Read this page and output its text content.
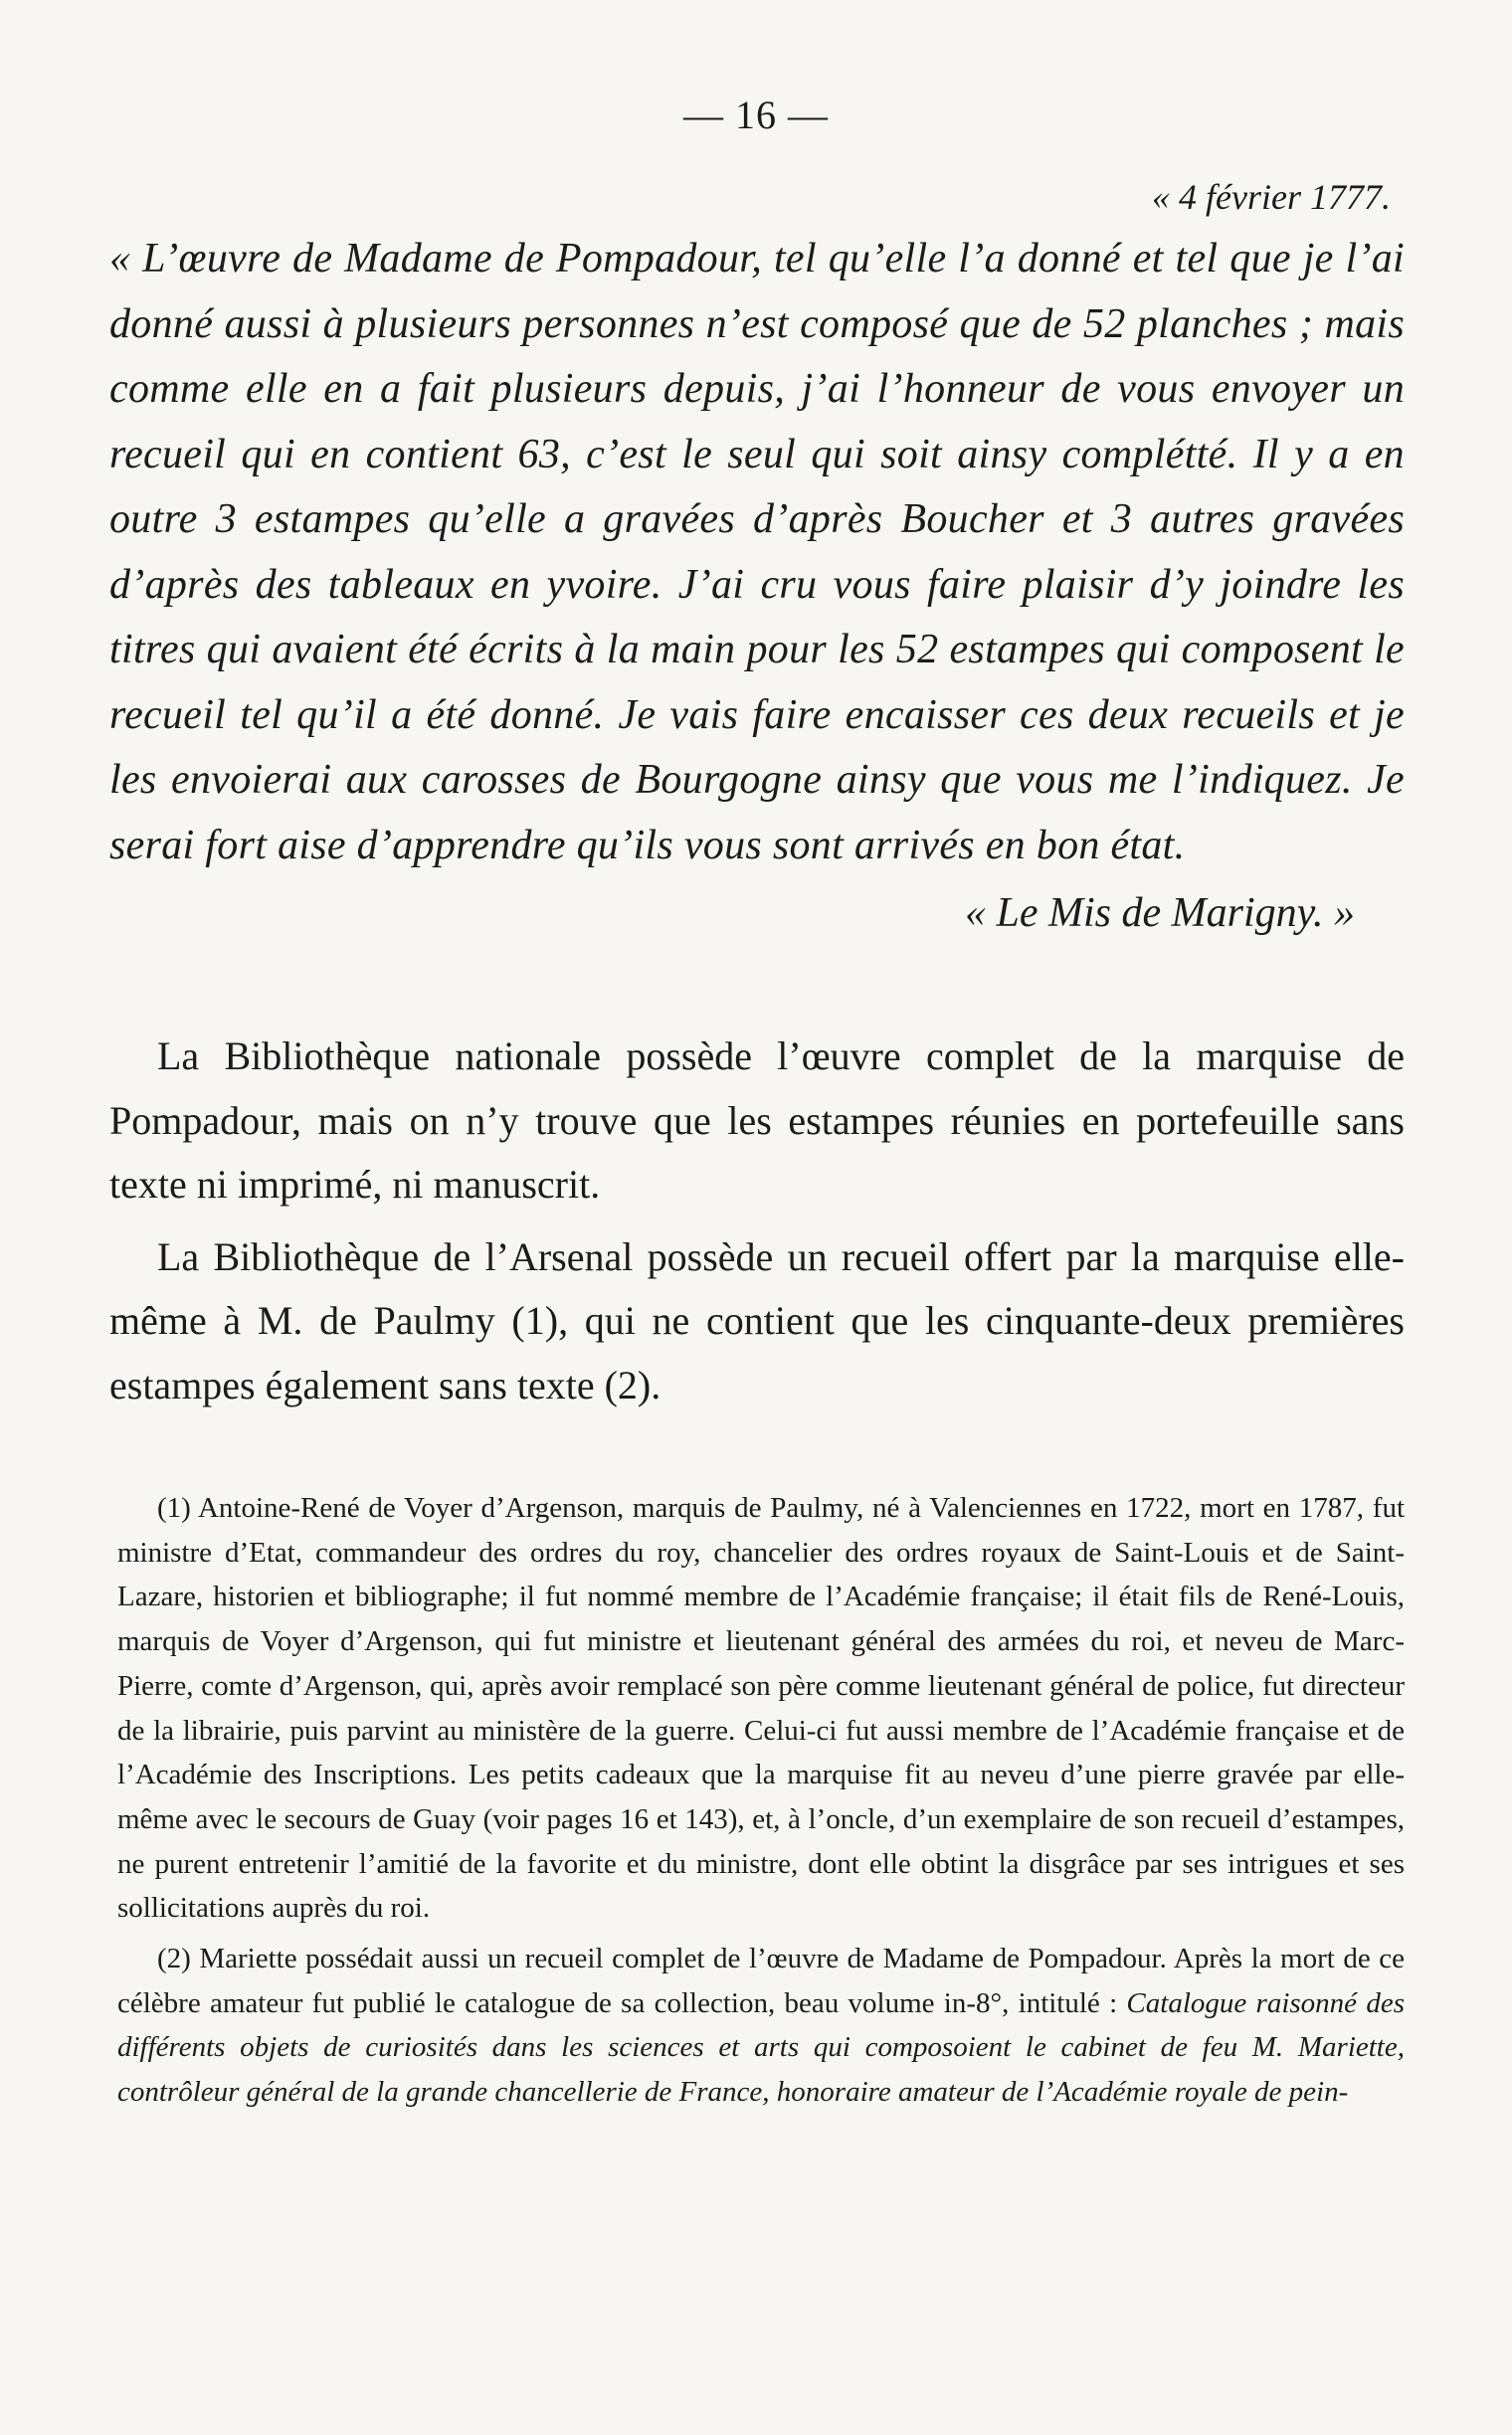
— 16 —
« 4 février 1777.

« L’œuvre de Madame de Pompadour, tel qu’elle l’a donné et tel que je l’ai donné aussi à plusieurs personnes n’est composé que de 52 planches ; mais comme elle en a fait plusieurs depuis, j’ai l’honneur de vous envoyer un recueil qui en contient 63, c’est le seul qui soit ainsy complétté. Il y a en outre 3 estampes qu’elle a gravées d’après Boucher et 3 autres gravées d’après des tableaux en yvoire. J’ai cru vous faire plaisir d’y joindre les titres qui avaient été écrits à la main pour les 52 estampes qui composent le recueil tel qu’il a été donné. Je vais faire encaisser ces deux recueils et je les envoierai aux carosses de Bourgogne ainsy que vous me l’indiquez. Je serai fort aise d’apprendre qu’ils vous sont arrivés en bon état.

« Le Mis de Marigny. »

La Bibliothèque nationale possède l’œuvre complet de la marquise de Pompadour, mais on n’y trouve que les estampes réunies en portefeuille sans texte ni imprimé, ni manuscrit.

La Bibliothèque de l’Arsenal possède un recueil offert par la marquise elle-même à M. de Paulmy (1), qui ne contient que les cinquante-deux premières estampes également sans texte (2).

(1) Antoine-René de Voyer d’Argenson, marquis de Paulmy, né à Valenciennes en 1722, mort en 1787, fut ministre d’Etat, commandeur des ordres du roy, chancelier des ordres royaux de Saint-Louis et de Saint-Lazare, historien et bibliographe; il fut nommé membre de l’Académie française; il était fils de René-Louis, marquis de Voyer d’Argenson, qui fut ministre et lieutenant général des armées du roi, et neveu de Marc-Pierre, comte d’Argenson, qui, après avoir remplacé son père comme lieutenant général de police, fut directeur de la librairie, puis parvint au ministère de la guerre. Celui-ci fut aussi membre de l’Académie française et de l’Académie des Inscriptions. Les petits cadeaux que la marquise fit au neveu d’une pierre gravée par elle-même avec le secours de Guay (voir pages 16 et 143), et, à l’oncle, d’un exemplaire de son recueil d’estampes, ne purent entretenir l’amitié de la favorite et du ministre, dont elle obtint la disgrâce par ses intrigues et ses sollicitations auprès du roi.

(2) Mariette possédait aussi un recueil complet de l’œuvre de Madame de Pompadour. Après la mort de ce célèbre amateur fut publié le catalogue de sa collection, beau volume in-8°, intitulé : Catalogue raisonné des différents objets de curiosités dans les sciences et arts qui composoient le cabinet de feu M. Mariette, contrôleur général de la grande chancellerie de France, honoraire amateur de l’Académie royale de pein-
